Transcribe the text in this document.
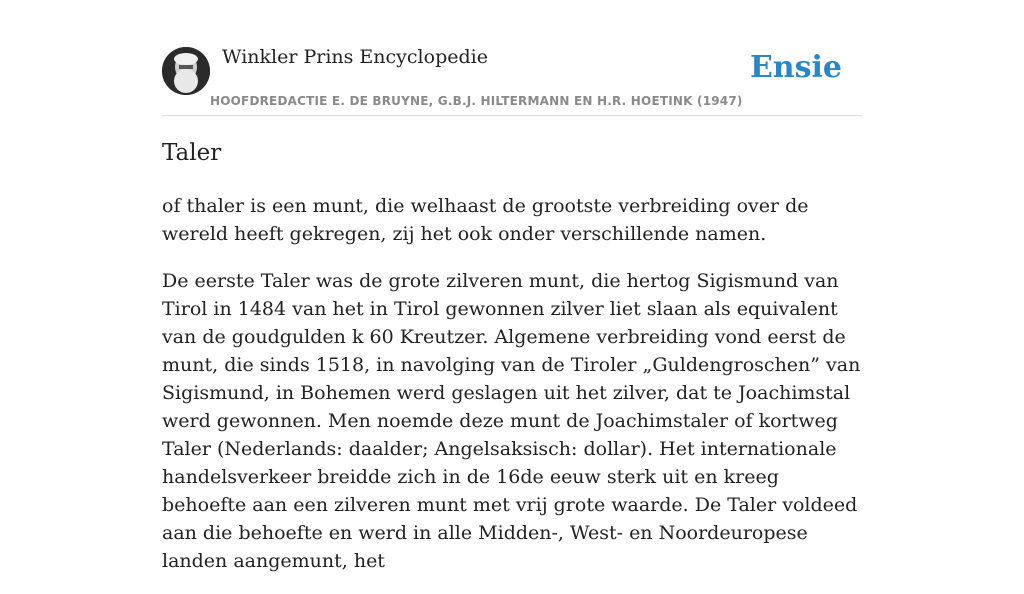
Winkler Prins Encyclopedie
HOOFDREDACTIE E. DE BRUYNE, G.B.J. HILTERMANN EN H.R. HOETINK (1947)
Ensie
Taler

of thaler is een munt, die welhaast de grootste verbreiding over de wereld heeft gekregen, zij het ook onder verschillende namen.

De eerste Taler was de grote zilveren munt, die hertog Sigismund van Tirol in 1484 van het in Tirol gewonnen zilver liet slaan als equivalent van de goudgulden k 60 Kreutzer. Algemene verbreiding vond eerst de munt, die sinds 1518, in navolging van de Tiroler „Guldengroschen” van Sigismund, in Bohemen werd geslagen uit het zilver, dat te Joachimstal werd gewonnen. Men noemde deze munt de Joachimstaler of kortweg Taler (Nederlands: daalder; Angelsaksisch: dollar). Het internationale handelsverkeer breidde zich in de 16de eeuw sterk uit en kreeg behoefte aan een zilveren munt met vrij grote waarde. De Taler voldeed aan die behoefte en werd in alle Midden-, West- en Noordeuropese landen aangemunt, het
